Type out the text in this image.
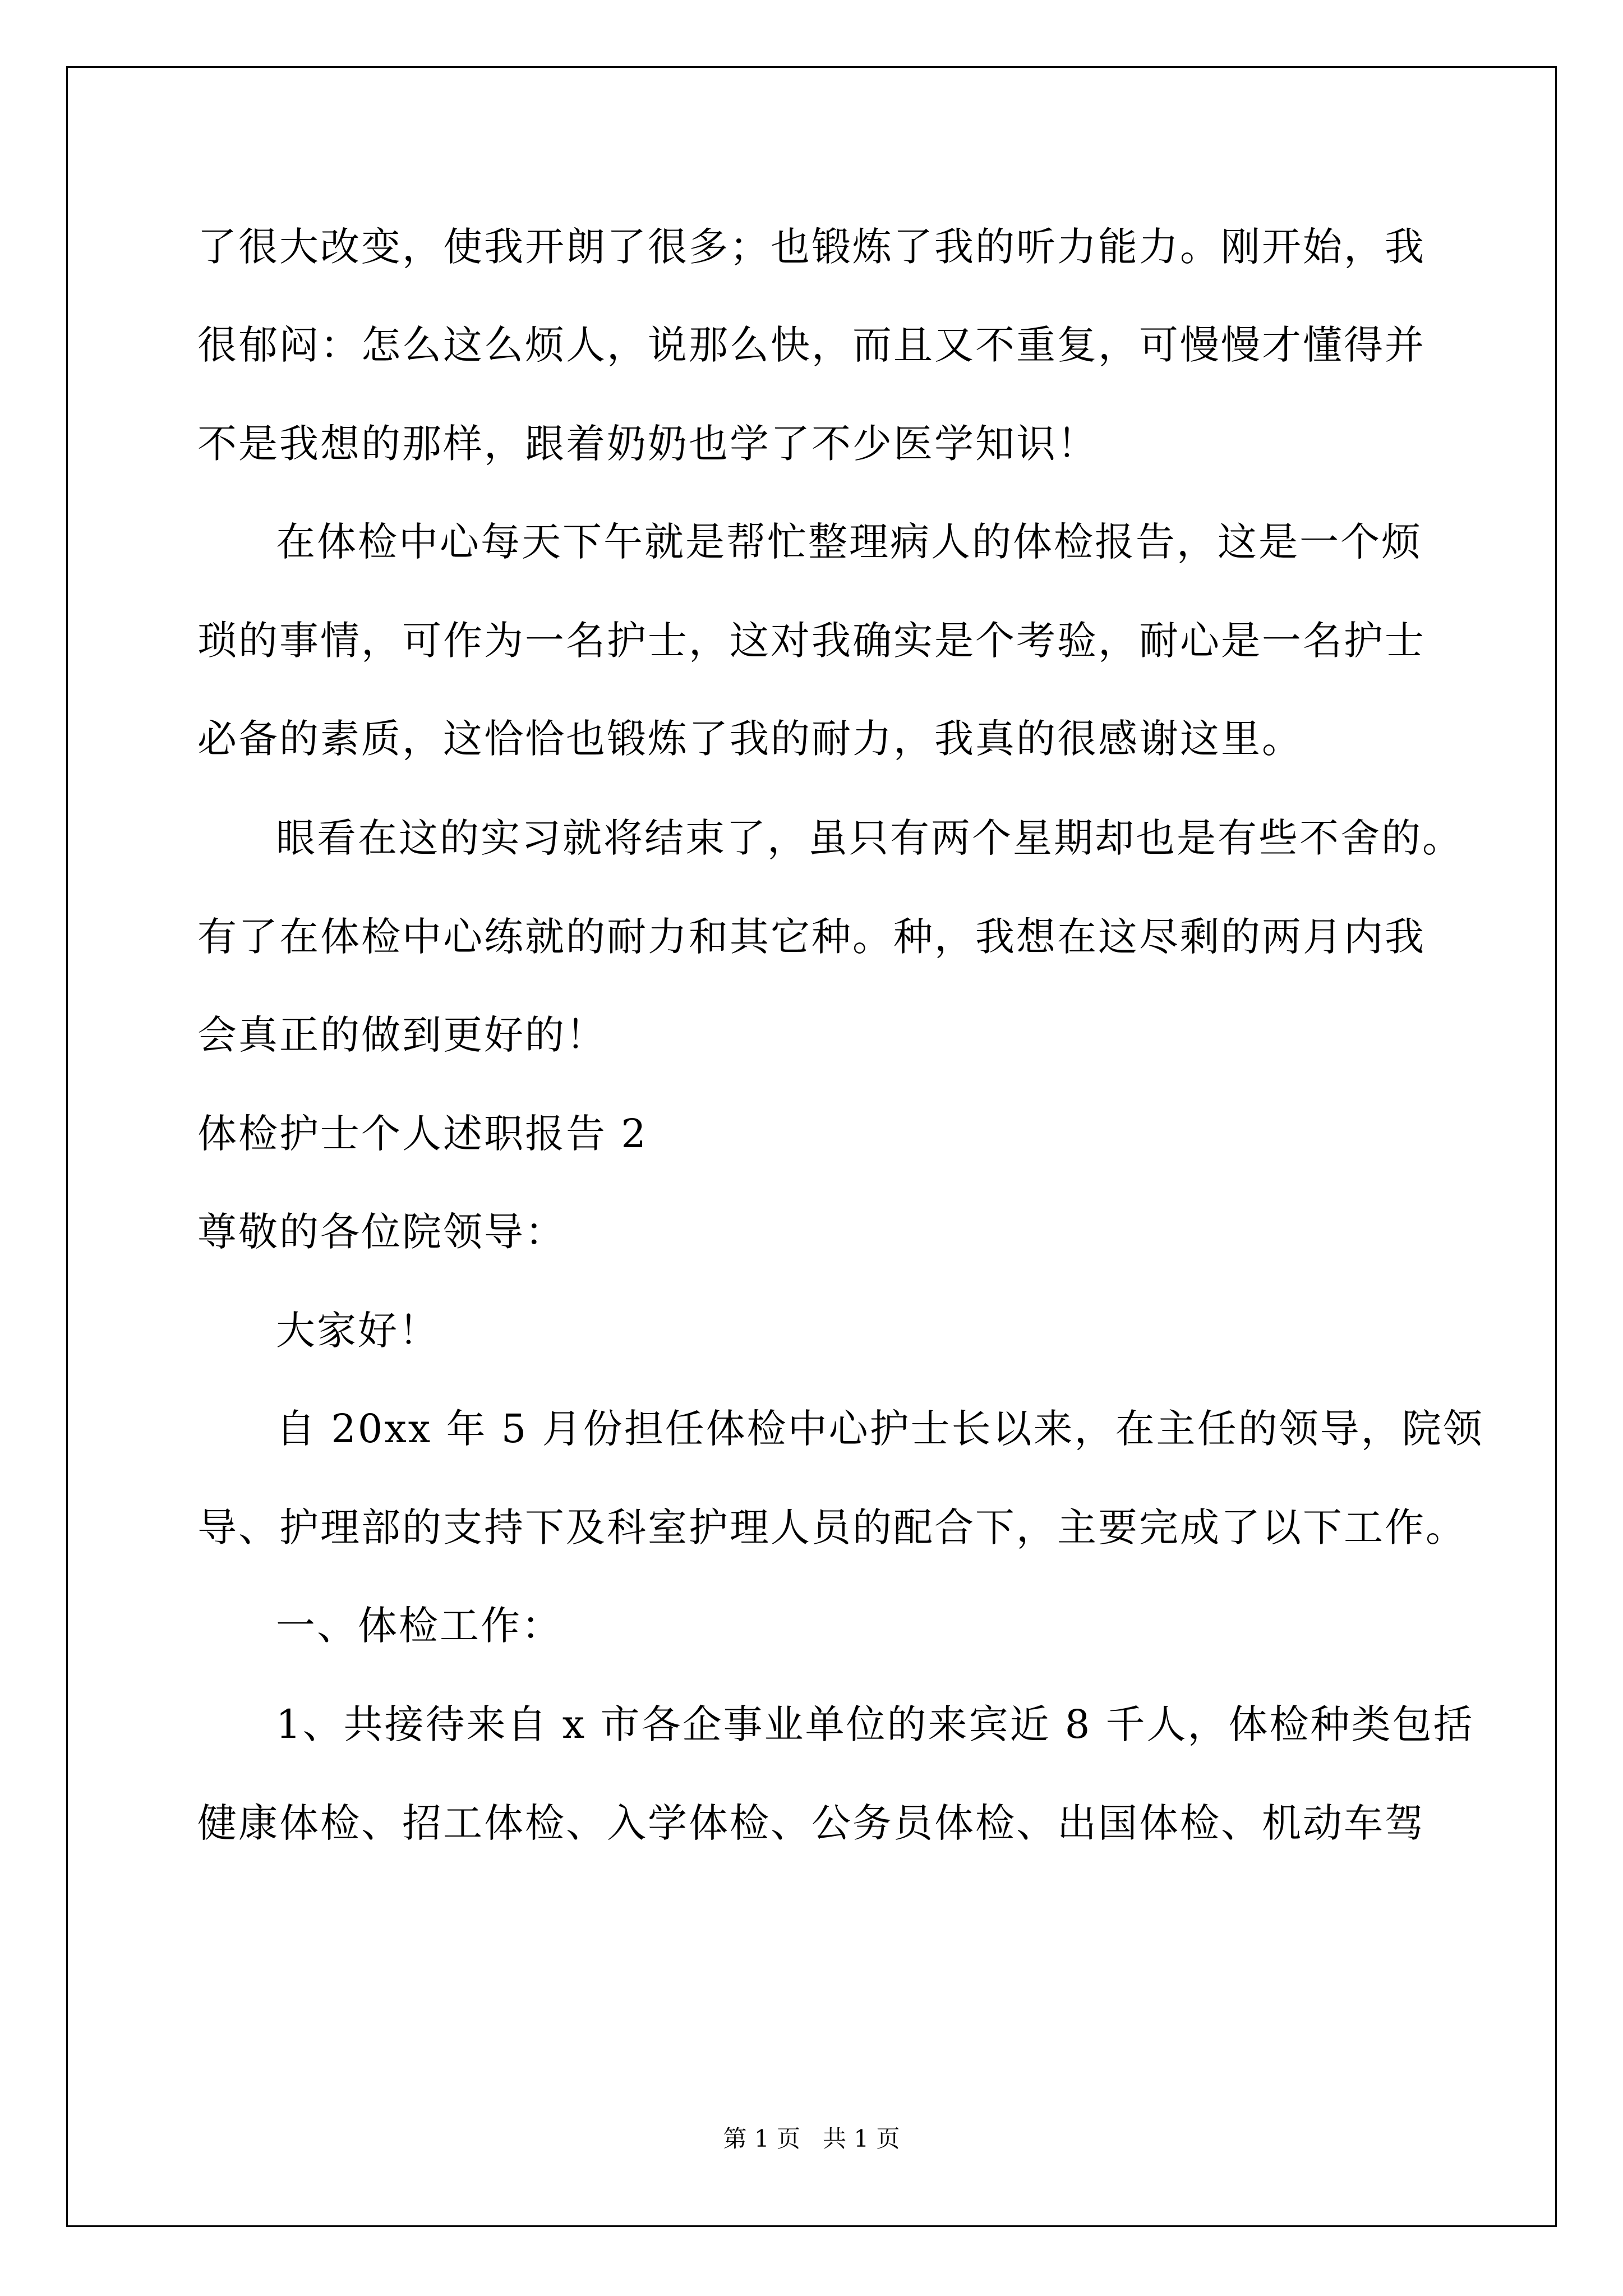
了很大改变，使我开朗了很多；也锻炼了我的听力能力。刚开始，我
很郁闷：怎么这么烦人，说那么快，而且又不重复，可慢慢才懂得并
不是我想的那样，跟着奶奶也学了不少医学知识！
在体检中心每天下午就是帮忙整理病人的体检报告，这是一个烦
琐的事情，可作为一名护士，这对我确实是个考验，耐心是一名护士
必备的素质，这恰恰也锻炼了我的耐力，我真的很感谢这里。
眼看在这的实习就将结束了，虽只有两个星期却也是有些不舍的。
有了在体检中心练就的耐力和其它种。种，我想在这尽剩的两月内我
会真正的做到更好的！
体检护士个人述职报告 2
尊敬的各位院领导：
大家好！
自 20xx 年 5 月份担任体检中心护士长以来，在主任的领导，院领
导、护理部的支持下及科室护理人员的配合下，主要完成了以下工作。
一、体检工作：
1、共接待来自 x 市各企事业单位的来宾近 8 千人，体检种类包括
健康体检、招工体检、入学体检、公务员体检、出国体检、机动车驾
第 1 页   共 1 页
